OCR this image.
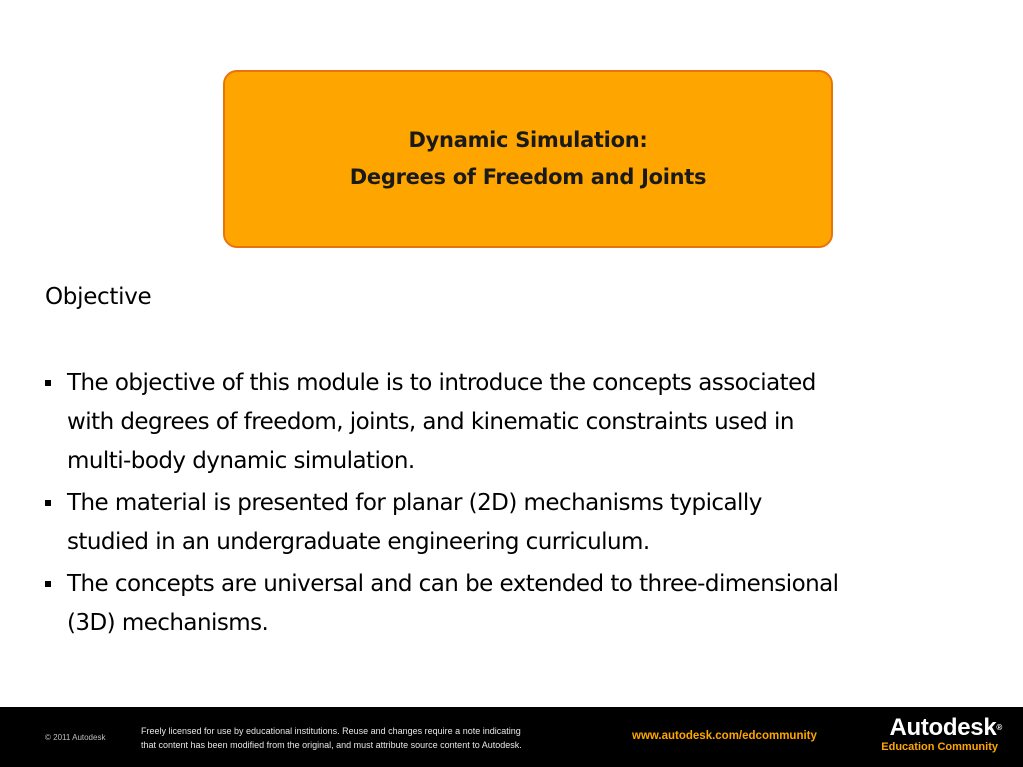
Dynamic Simulation:
Degrees of Freedom and Joints
Objective
The objective of this module is to introduce the concepts associated
with degrees of freedom, joints, and kinematic constraints used in
multi-body dynamic simulation.
The material is presented for planar (2D) mechanisms typically
studied in an undergraduate engineering curriculum.
The concepts are universal and can be extended to three-dimensional
(3D) mechanisms.
© 2011 Autodesk
Freely licensed for use by educational institutions. Reuse and changes require a note indicating
that content has been modified from the original, and must attribute source content to Autodesk.
www.autodesk.com/edcommunity	Autodesk®
Education Community
